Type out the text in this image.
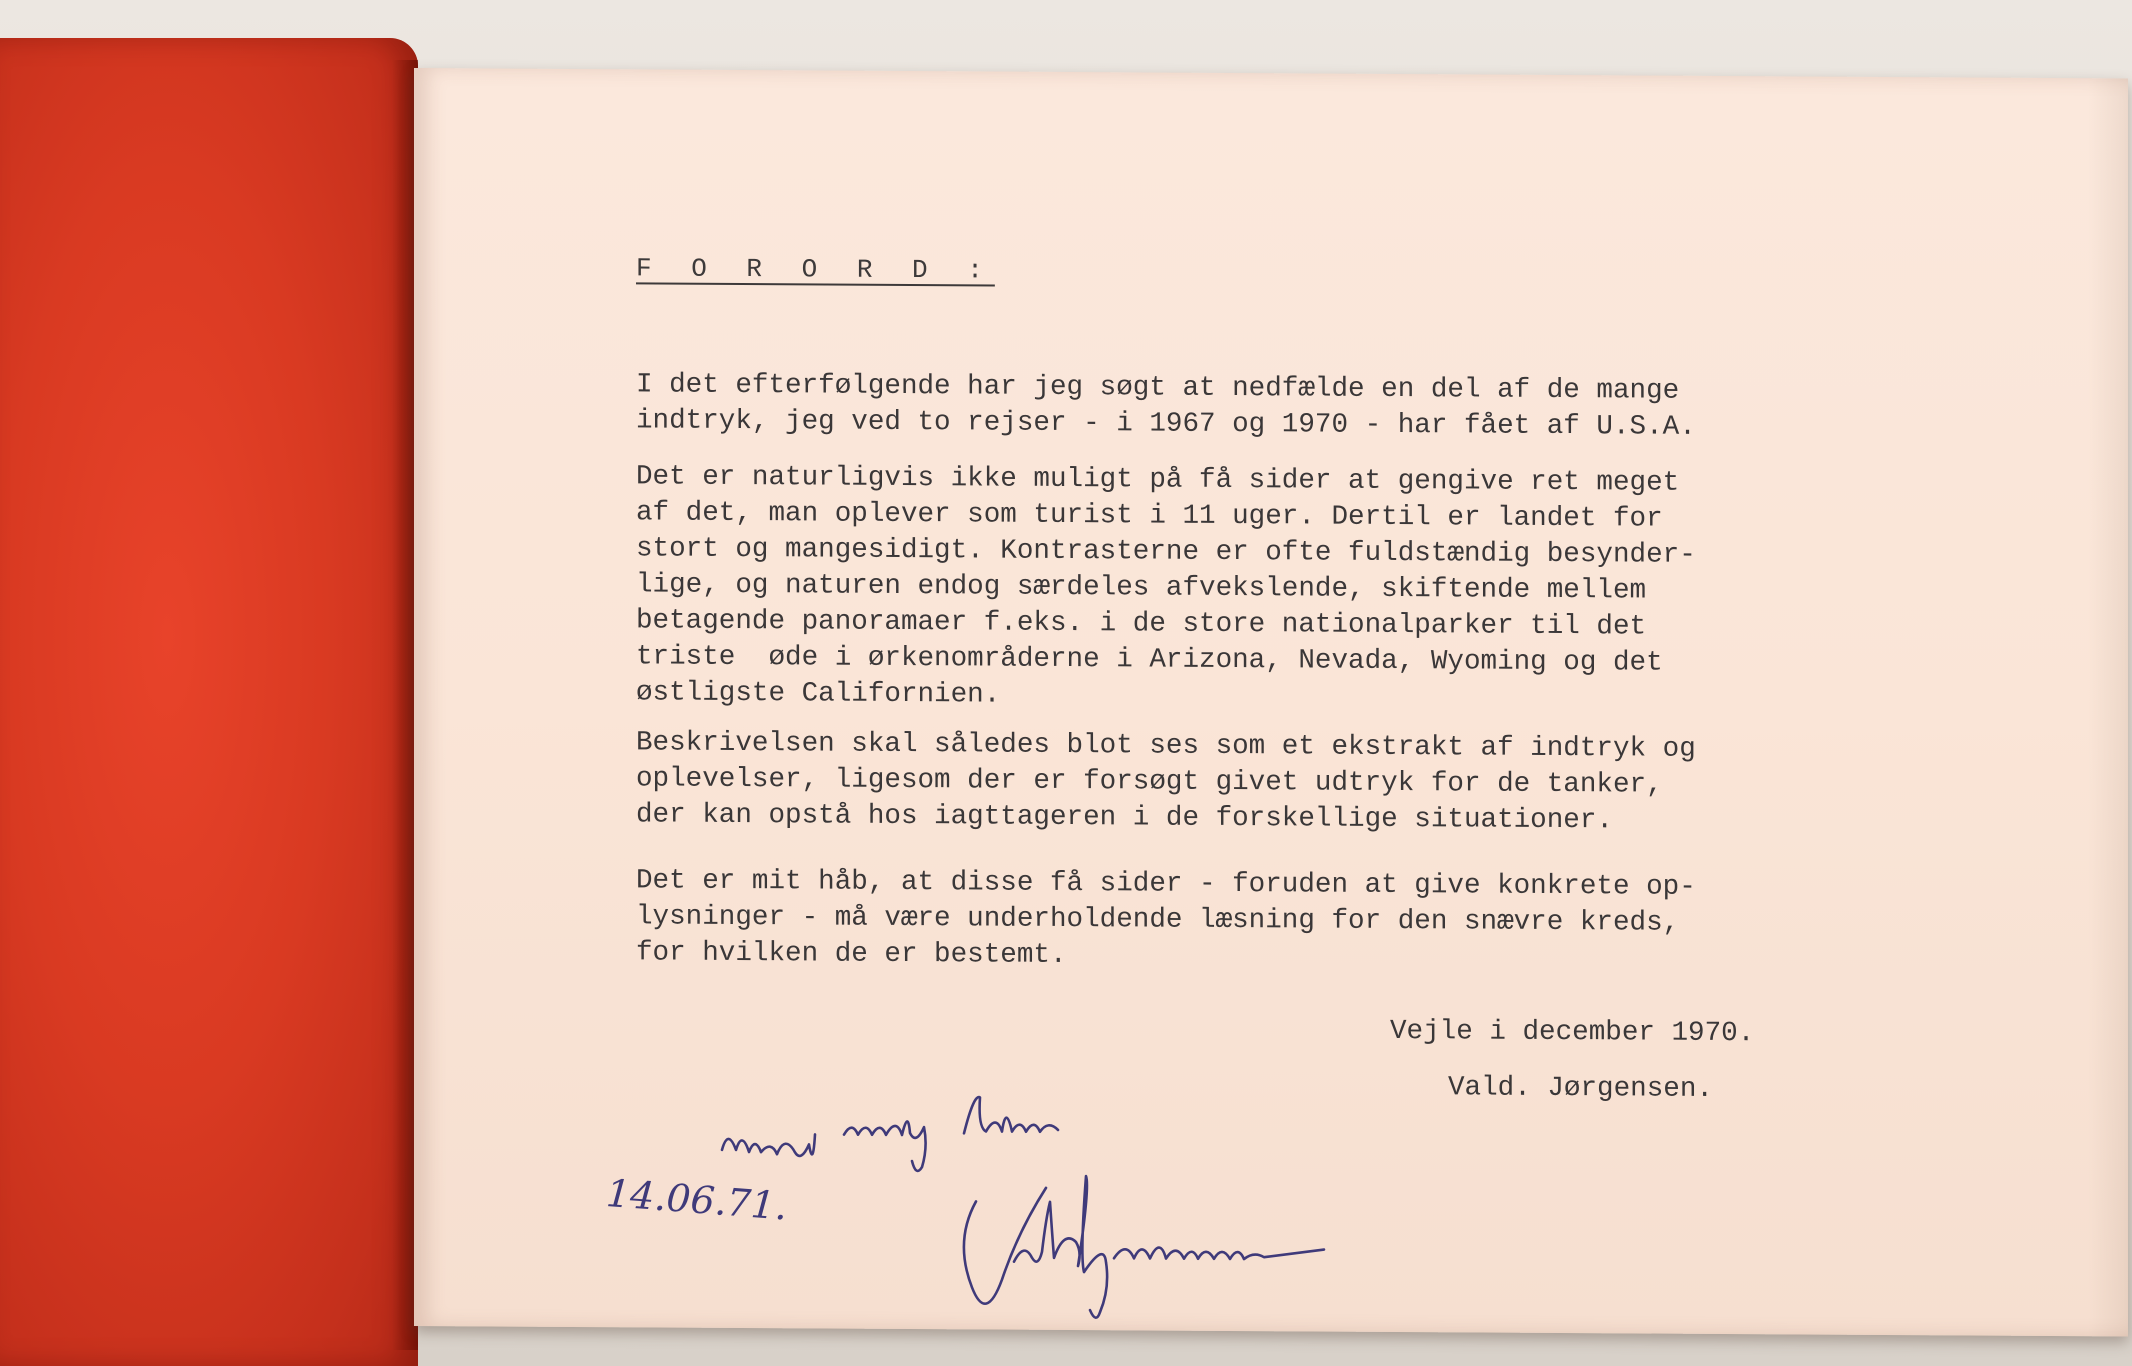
F O R O R D :

I det efterfølgende har jeg søgt at nedfælde en del af de mange
indtryk, jeg ved to rejser - i 1967 og 1970 - har fået af U.S.A.

Det er naturligvis ikke muligt på få sider at gengive ret meget
af det, man oplever som turist i 11 uger. Dertil er landet for
stort og mangesidigt. Kontrasterne er ofte fuldstændig besynder-
lige, og naturen endog særdeles afvekslende, skiftende mellem
betagende panoramaer f.eks. i de store nationalparker til det
triste  øde i ørkenområderne i Arizona, Nevada, Wyoming og det
østligste Californien.

Beskrivelsen skal således blot ses som et ekstrakt af indtryk og
oplevelser, ligesom der er forsøgt givet udtryk for de tanker,
der kan opstå hos iagttageren i de forskellige situationer.

Det er mit håb, at disse få sider - foruden at give konkrete op-
lysninger - må være underholdende læsning for den snævre kreds,
for hvilken de er bestemt.

Vejle i december 1970.
Vald. Jørgensen.
14.06.71.
